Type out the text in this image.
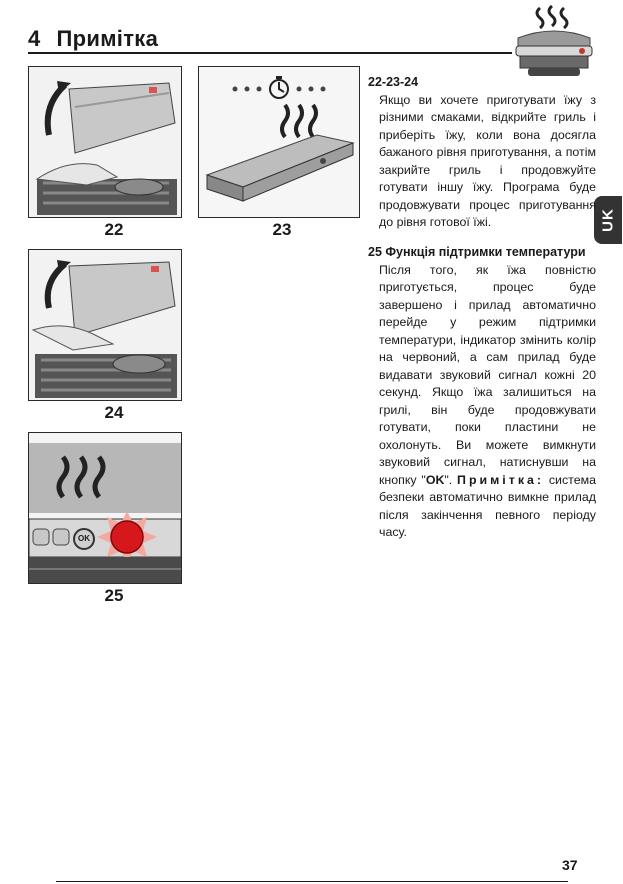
4 Примітка
22	23
24
OK
25
UK
22-23-24
Якщо ви хочете приготувати їжу з різними смаками, відкрийте гриль і приберіть їжу, коли вона досягла бажаного рівня приготування, а потім закрийте гриль і продовжуйте готувати іншу їжу. Програма буде продовжувати процес приготування до рівня готової їжі.
25 Функція підтримки температури
Після того, як їжа повністю приготується, процес буде завершено і прилад автоматично перейде у режим підтримки температури, індикатор змінить колір на червоний, а сам прилад буде видавати звуковий сигнал кожні 20 секунд. Якщо їжа залишиться на грилі, він буде продовжувати готувати, поки пластини не охолонуть. Ви можете вимкнути звуковий сигнал, натиснувши на кнопку "OK". Примітка: система безпеки автоматично вимкне прилад після закінчення певного періоду часу.
37
